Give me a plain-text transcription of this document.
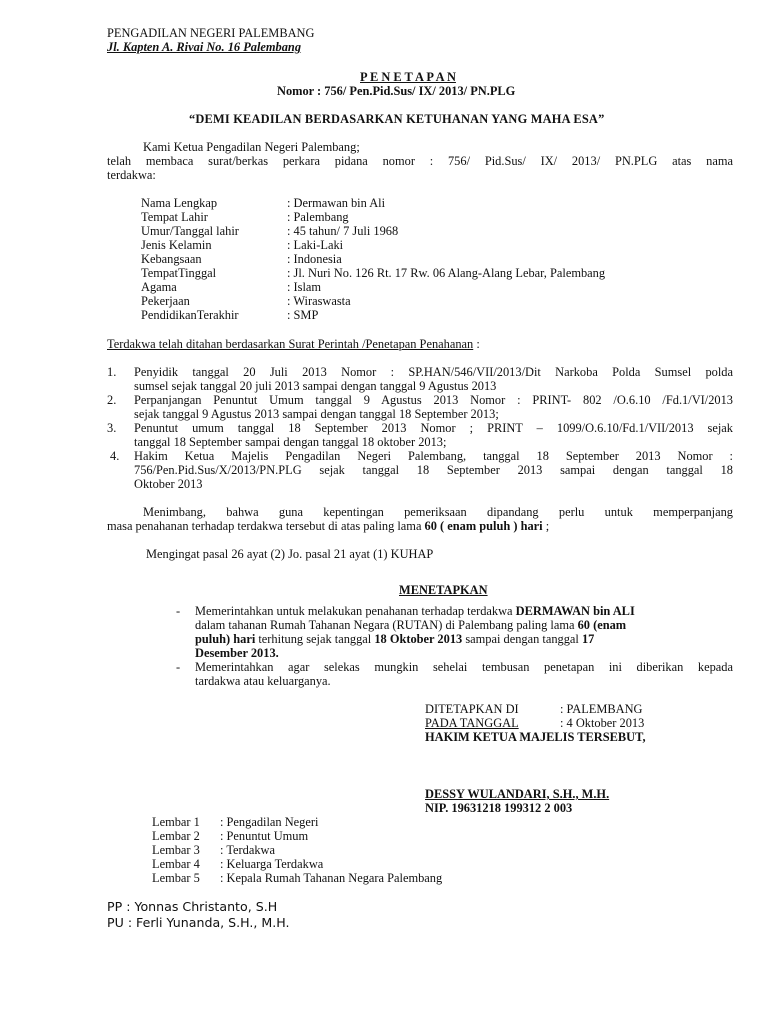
PENGADILAN NEGERI PALEMBANG
Jl. Kapten A. Rivai No. 16 Palembang
P E N E T A P A N
Nomor : 756/ Pen.Pid.Sus/ IX/ 2013/ PN.PLG
“DEMI KEADILAN BERDASARKAN KETUHANAN YANG MAHA ESA”
Kami Ketua Pengadilan Negeri Palembang;
telah membaca surat/berkas perkara pidana nomor : 756/ Pid.Sus/ IX/ 2013/ PN.PLG atas nama
terdakwa:
Nama Lengkap	: Dermawan bin Ali
Tempat Lahir	: Palembang
Umur/Tanggal lahir	: 45 tahun/ 7 Juli 1968
Jenis Kelamin	: Laki-Laki
Kebangsaan	: Indonesia
TempatTinggal	: Jl. Nuri No. 126 Rt. 17 Rw. 06 Alang-Alang Lebar, Palembang
Agama	: Islam
Pekerjaan	: Wiraswasta
PendidikanTerakhir	: SMP
Terdakwa telah ditahan berdasarkan Surat Perintah /Penetapan Penahanan :
1. Penyidik tanggal 20 Juli 2013 Nomor : SP.HAN/546/VII/2013/Dit Narkoba Polda Sumsel polda
sumsel sejak tanggal 20 juli 2013 sampai dengan tanggal 9 Agustus 2013
2. Perpanjangan Penuntut Umum tanggal 9 Agustus 2013 Nomor : PRINT- 802 /O.6.10 /Fd.1/VI/2013
sejak tanggal 9 Agustus 2013 sampai dengan tanggal 18 September 2013;
3. Penuntut umum tanggal 18 September 2013 Nomor ; PRINT – 1099/O.6.10/Fd.1/VII/2013 sejak
tanggal 18 September sampai dengan tanggal 18 oktober 2013;
4. Hakim Ketua Majelis Pengadilan Negeri Palembang, tanggal 18 September 2013 Nomor :
756/Pen.Pid.Sus/X/2013/PN.PLG sejak tanggal 18 September 2013 sampai dengan tanggal 18
Oktober 2013
Menimbang, bahwa guna kepentingan pemeriksaan dipandang perlu untuk memperpanjang
masa penahanan terhadap terdakwa tersebut di atas paling lama 60 ( enam puluh ) hari ;
Mengingat pasal 26 ayat (2) Jo. pasal 21 ayat (1) KUHAP
MENETAPKAN
- Memerintahkan untuk melakukan penahanan terhadap terdakwa DERMAWAN bin ALI
dalam tahanan Rumah Tahanan Negara (RUTAN) di Palembang paling lama 60 (enam
puluh) hari terhitung sejak tanggal 18 Oktober 2013 sampai dengan tanggal 17
Desember 2013.
- Memerintahkan agar selekas mungkin sehelai tembusan penetapan ini diberikan kepada
tardakwa atau keluarganya.
DITETAPKAN DI	: PALEMBANG
PADA TANGGAL	: 4 Oktober 2013
HAKIM KETUA MAJELIS TERSEBUT,
DESSY WULANDARI, S.H., M.H.
NIP. 19631218 199312 2 003
Lembar 1 : Pengadilan Negeri
Lembar 2 : Penuntut Umum
Lembar 3 : Terdakwa
Lembar 4 : Keluarga Terdakwa
Lembar 5 : Kepala Rumah Tahanan Negara Palembang
PP : Yonnas Christanto, S.H
PU : Ferli Yunanda, S.H., M.H.
